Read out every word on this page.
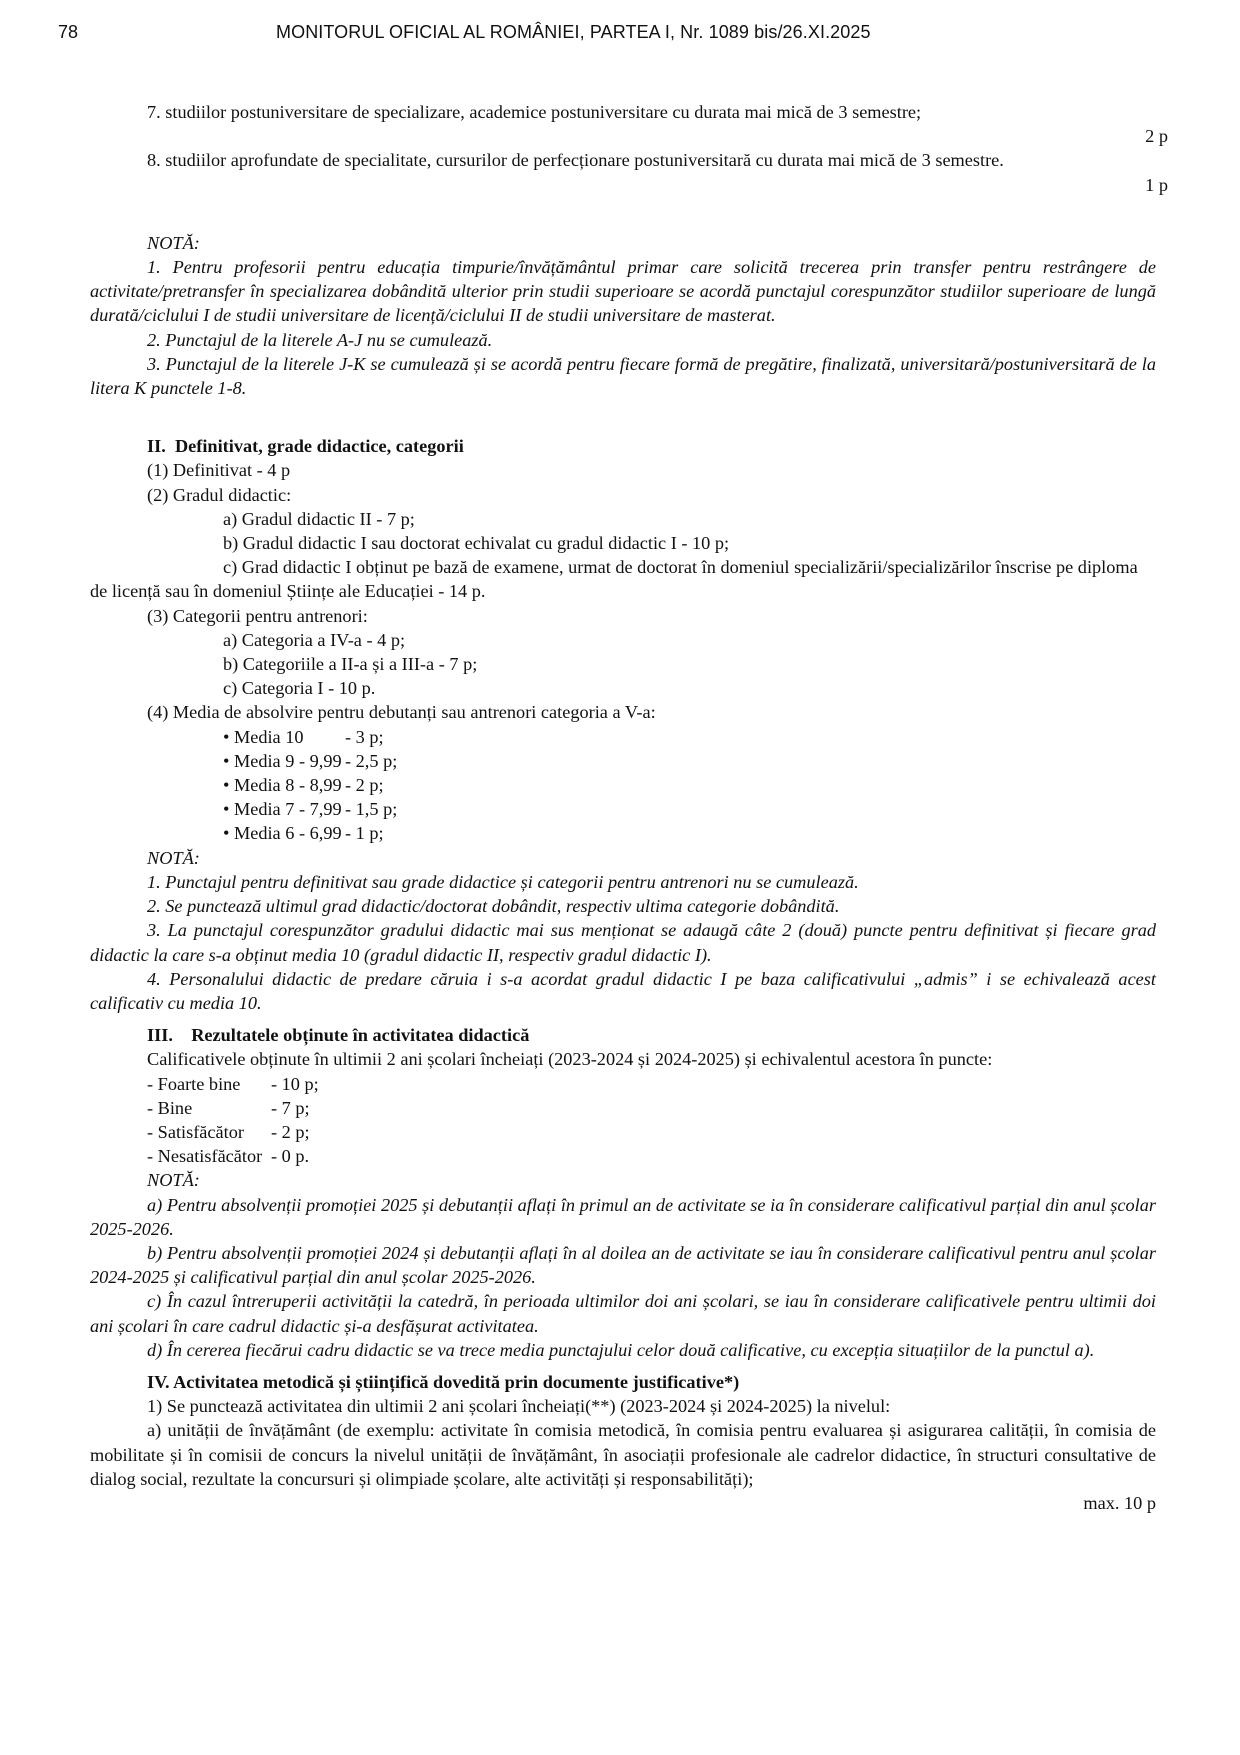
78	MONITORUL OFICIAL AL ROMÂNIEI, PARTEA I, Nr. 1089 bis/26.XI.2025

7. studiilor postuniversitare de specializare, academice postuniversitare cu durata mai mică de 3 semestre;

2 p

8. studiilor aprofundate de specialitate, cursurilor de perfecționare postuniversitară cu durata mai mică de 3 semestre.

1 p

NOTĂ:

1. Pentru profesorii pentru educația timpurie/învățământul primar care solicită trecerea prin transfer pentru restrângere de activitate/pretransfer în specializarea dobândită ulterior prin studii superioare se acordă punctajul corespunzător studiilor superioare de lungă durată/ciclului I de studii universitare de licență/ciclului II de studii universitare de masterat.

2. Punctajul de la literele A-J nu se cumulează.

3. Punctajul de la literele J-K se cumulează și se acordă pentru fiecare formă de pregătire, finalizată, universitară/postuniversitară de la litera K punctele 1-8.

II.  Definitivat, grade didactice, categorii

(1) Definitivat - 4 p

(2) Gradul didactic:

a) Gradul didactic II - 7 p;

b) Gradul didactic I sau doctorat echivalat cu gradul didactic I - 10 p;

c) Grad didactic I obținut pe bază de examene, urmat de doctorat în domeniul specializării/specializărilor înscrise pe diploma de licență sau în domeniul Științe ale Educației - 14 p.

(3) Categorii pentru antrenori:

a) Categoria a IV-a - 4 p;

b) Categoriile a II-a și a III-a - 7 p;

c) Categoria I - 10 p.

(4) Media de absolvire pentru debutanți sau antrenori categoria a V-a:

• Media 10	- 3 p;
• Media 9 - 9,99 - 2,5 p;
• Media 8 - 8,99 - 2 p;
• Media 7 - 7,99 - 1,5 p;
• Media 6 - 6,99 - 1 p;

NOTĂ:

1. Punctajul pentru definitivat sau grade didactice și categorii pentru antrenori nu se cumulează.

2. Se punctează ultimul grad didactic/doctorat dobândit, respectiv ultima categorie dobândită.

3. La punctajul corespunzător gradului didactic mai sus menționat se adaugă câte 2 (două) puncte pentru definitivat și fiecare grad didactic la care s-a obținut media 10 (gradul didactic II, respectiv gradul didactic I).

4. Personalului didactic de predare căruia i s-a acordat gradul didactic I pe baza calificativului „admis” i se echivalează acest calificativ cu media 10.

III.    Rezultatele obținute în activitatea didactică

Calificativele obținute în ultimii 2 ani școlari încheiați (2023-2024 și 2024-2025) și echivalentul acestora în puncte:

- Foarte bine	- 10 p;
- Bine	- 7 p;
- Satisfăcător	- 2 p;
- Nesatisfăcător - 0 p.

NOTĂ:

a) Pentru absolvenții promoției 2025 și debutanții aflați în primul an de activitate se ia în considerare calificativul parțial din anul școlar 2025-2026.

b) Pentru absolvenții promoției 2024 și debutanții aflați în al doilea an de activitate se iau în considerare calificativul pentru anul școlar 2024-2025 și calificativul parțial din anul școlar 2025-2026.

c) În cazul întreruperii activității la catedră, în perioada ultimilor doi ani școlari, se iau în considerare calificativele pentru ultimii doi ani școlari în care cadrul didactic și-a desfășurat activitatea.

d) În cererea fiecărui cadru didactic se va trece media punctajului celor două calificative, cu excepția situațiilor de la punctul a).

IV. Activitatea metodică și științifică dovedită prin documente justificative*)

1) Se punctează activitatea din ultimii 2 ani școlari încheiați(**) (2023-2024 și 2024-2025) la nivelul:

a) unității de învățământ (de exemplu: activitate în comisia metodică, în comisia pentru evaluarea și asigurarea calității, în comisia de mobilitate și în comisii de concurs la nivelul unității de învățământ, în asociații profesionale ale cadrelor didactice, în structuri consultative de dialog social, rezultate la concursuri și olimpiade școlare, alte activități și responsabilități);

max. 10 p
